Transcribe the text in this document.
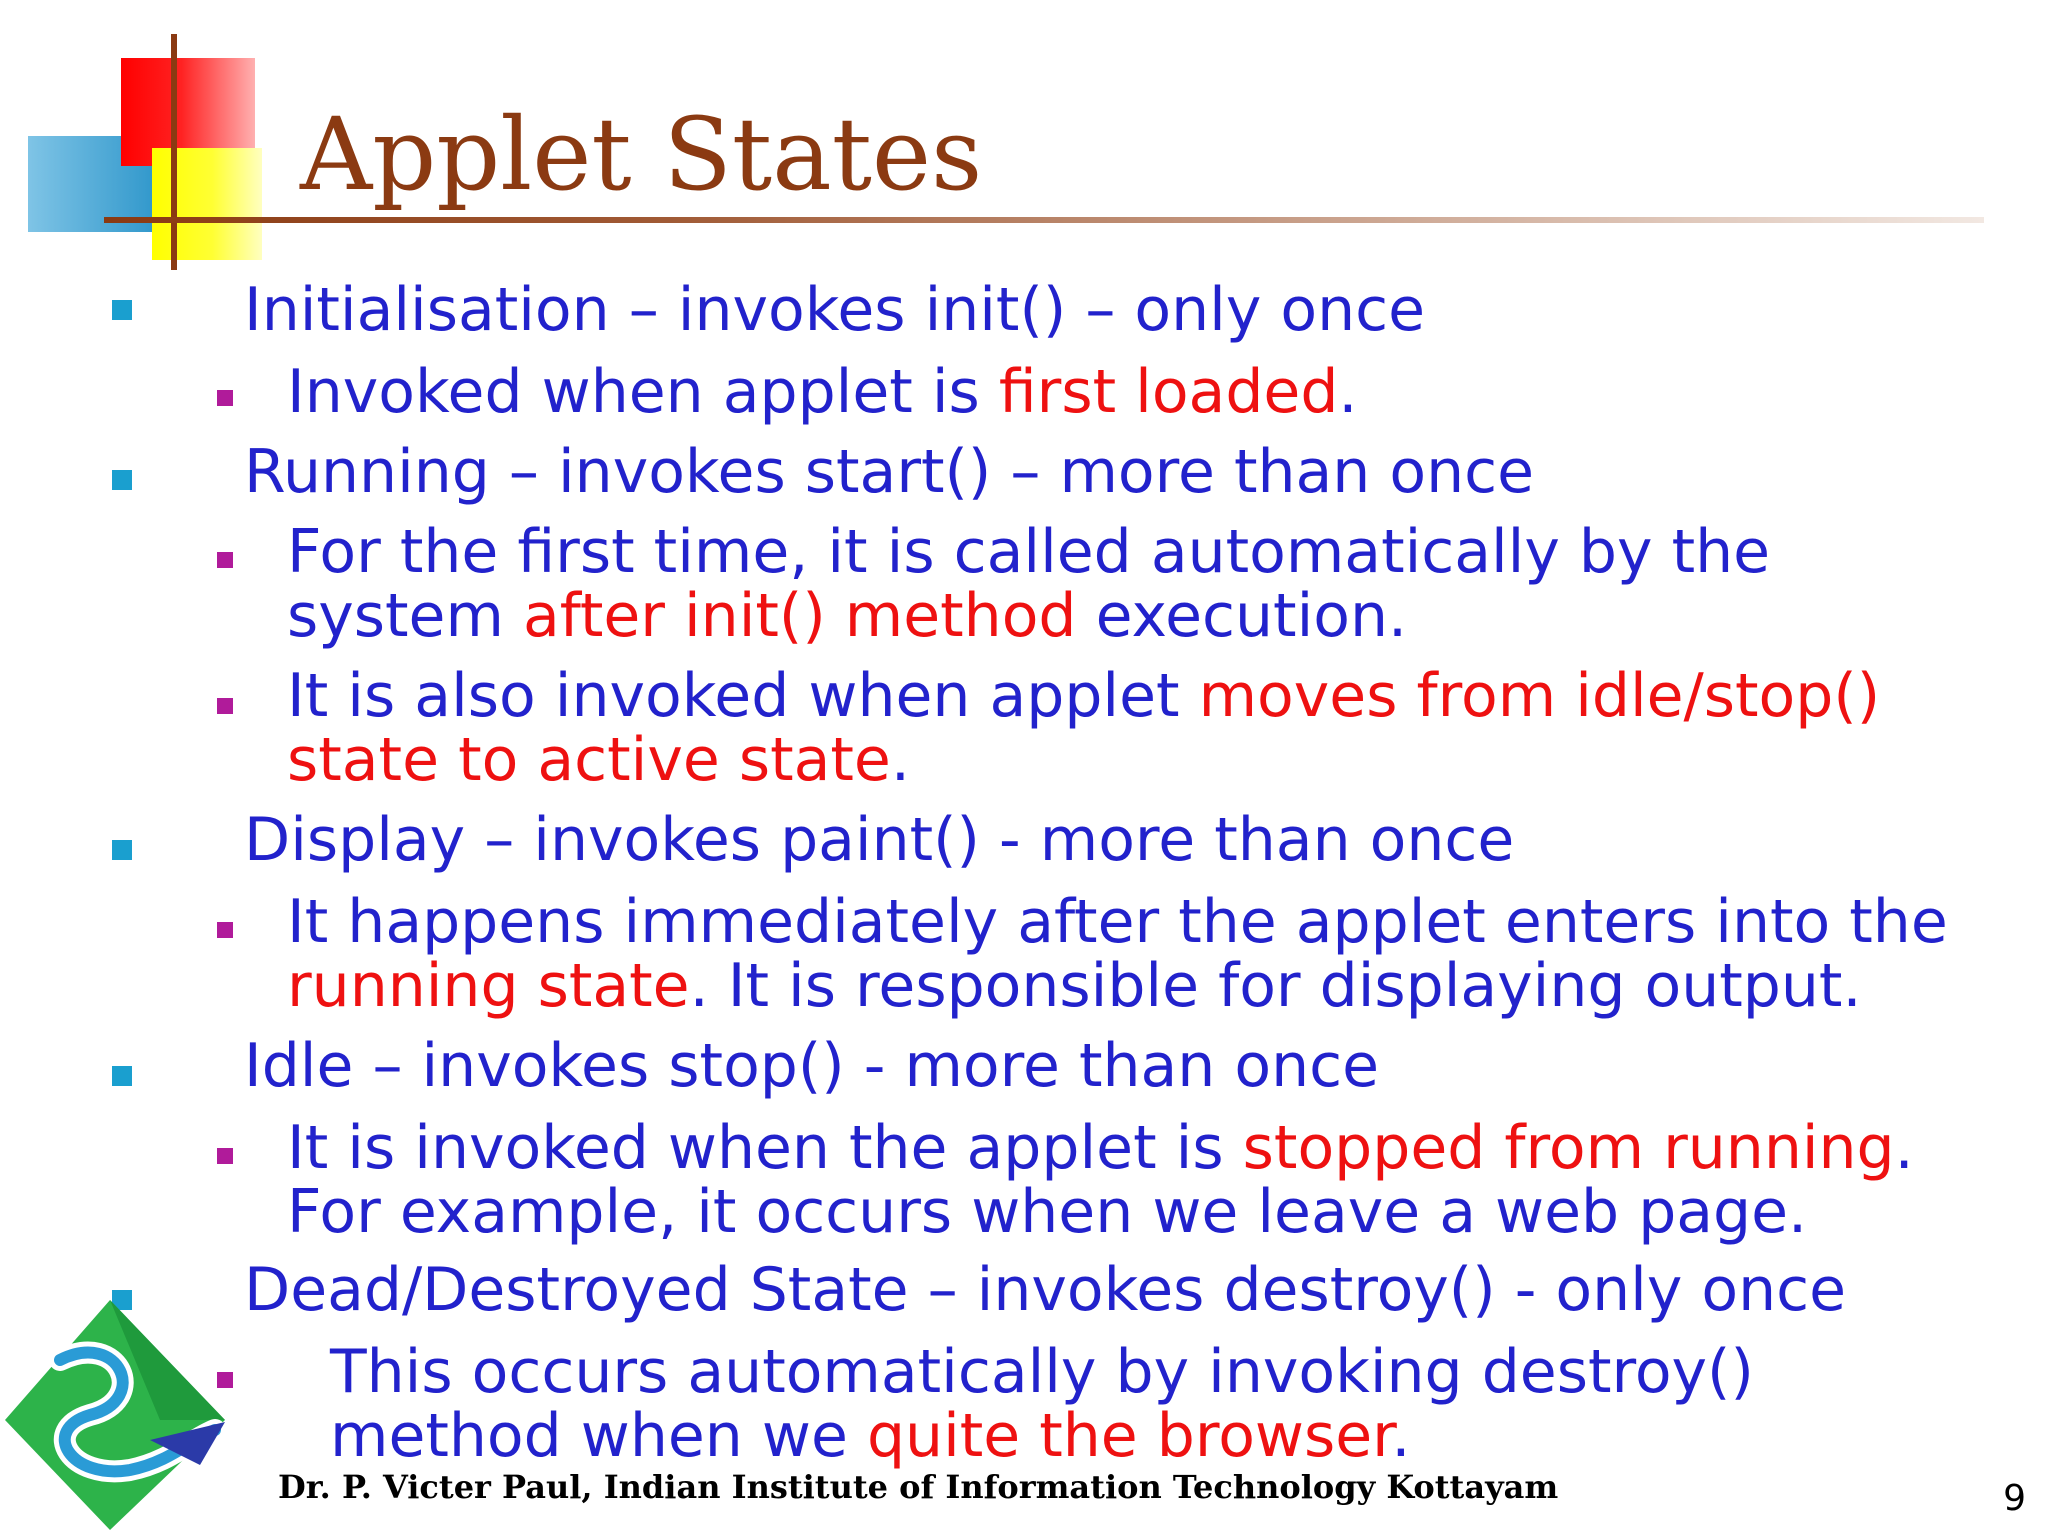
Applet States
Initialisation – invokes init() – only once
Invoked when applet is first loaded.
Running – invokes start() – more than once
For the first time, it is called automatically by the
system after init() method execution.
It is also invoked when applet moves from idle/stop()
state to active state.
Display – invokes paint() - more than once
It happens immediately after the applet enters into the
running state. It is responsible for displaying output.
Idle – invokes stop() - more than once
It is invoked when the applet is stopped from running.
For example, it occurs when we leave a web page.
Dead/Destroyed State – invokes destroy() - only once
This occurs automatically by invoking destroy()
method when we quite the browser.
Dr. P. Victer Paul, Indian Institute of Information Technology Kottayam	9
